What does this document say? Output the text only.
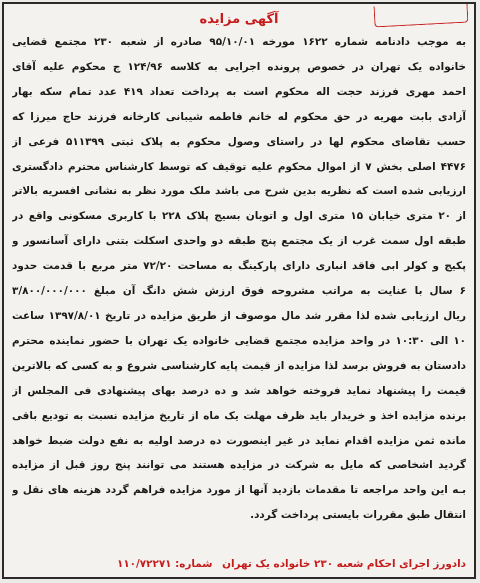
آگهی مزایده
به موجب دادنامه شماره ۱۶۲۲ مورخه ۹۵/۱۰/۰۱ صادره از شعبه ۲۳۰ مجتمع قضایی
خانواده یک تهران در خصوص پرونده اجرایی به کلاسه ۱۲۴/۹۶ ج محکوم علیه آقای
احمد مهری فرزند حجت اله محکوم است به پرداخت تعداد ۴۱۹ عدد تمام سکه بهار
آزادی بابت مهریه در حق محکوم له خانم فاطمه شیبانی کارخانه فرزند حاج میرزا که
حسب تقاضای محکوم لها در راستای وصول محکوم به پلاک ثبتی ۵۱۱۳۹۹ فرعی از
۴۴۷۶ اصلی بخش ۷ از اموال محکوم علیه توقیف که توسط کارشناس محترم دادگستری
ارزیابی شده است که نظریه بدین شرح می باشد ملک مورد نظر به نشانی افسریه بالاتر
از ۲۰ متری خیابان ۱۵ متری اول و اتوبان بسیج پلاک ۲۲۸ با کاربری مسکونی واقع در
طبقه اول سمت غرب از یک مجتمع پنج طبقه دو واحدی اسکلت بتنی دارای آسانسور و
پکیج و کولر ابی فاقد انباری دارای پارکینگ به مساحت ۷۲/۲۰ متر مربع با قدمت حدود
۶ سال با عنایت به مراتب مشروحه فوق ارزش شش دانگ آن مبلغ ۳/۸۰۰/۰۰۰/۰۰۰
ریال ارزیابی شده لذا مقرر شد مال موصوف از طریق مزایده در تاریخ ۱۳۹۷/۸/۰۱ ساعت
۱۰ الی ۱۰:۳۰ در واحد مزایده مجتمع قضایی خانواده یک تهران با حضور نماینده محترم
دادستان به فروش برسد لذا مزایده از قیمت پایه کارشناسی شروع و به کسی که بالاترین
قیمت را پیشنهاد نماید فروخته خواهد شد و ده درصد بهای پیشنهادی فی المجلس از
برنده مزایده اخذ و خریدار باید ظرف مهلت یک ماه از تاریخ مزایده نسبت به تودیع باقی
مانده ثمن مزایده اقدام نماید در غیر اینصورت ده درصد اولیه به نفع دولت ضبط خواهد
گردید اشخاصی که مایل به شرکت در مزایده هستند می توانند پنج روز قبل از مزایده
بـه این واحد مراجعه تا مقدمات بازدید آنها از مورد مزایده فراهم گردد هزینه های نقل و
انتقال طبق مقررات بایستی پرداخت گردد.
دادورز اجرای احکام شعبه ۲۳۰ خانواده یک تهران شماره: ۱۱۰/۷۲۲۷۱
